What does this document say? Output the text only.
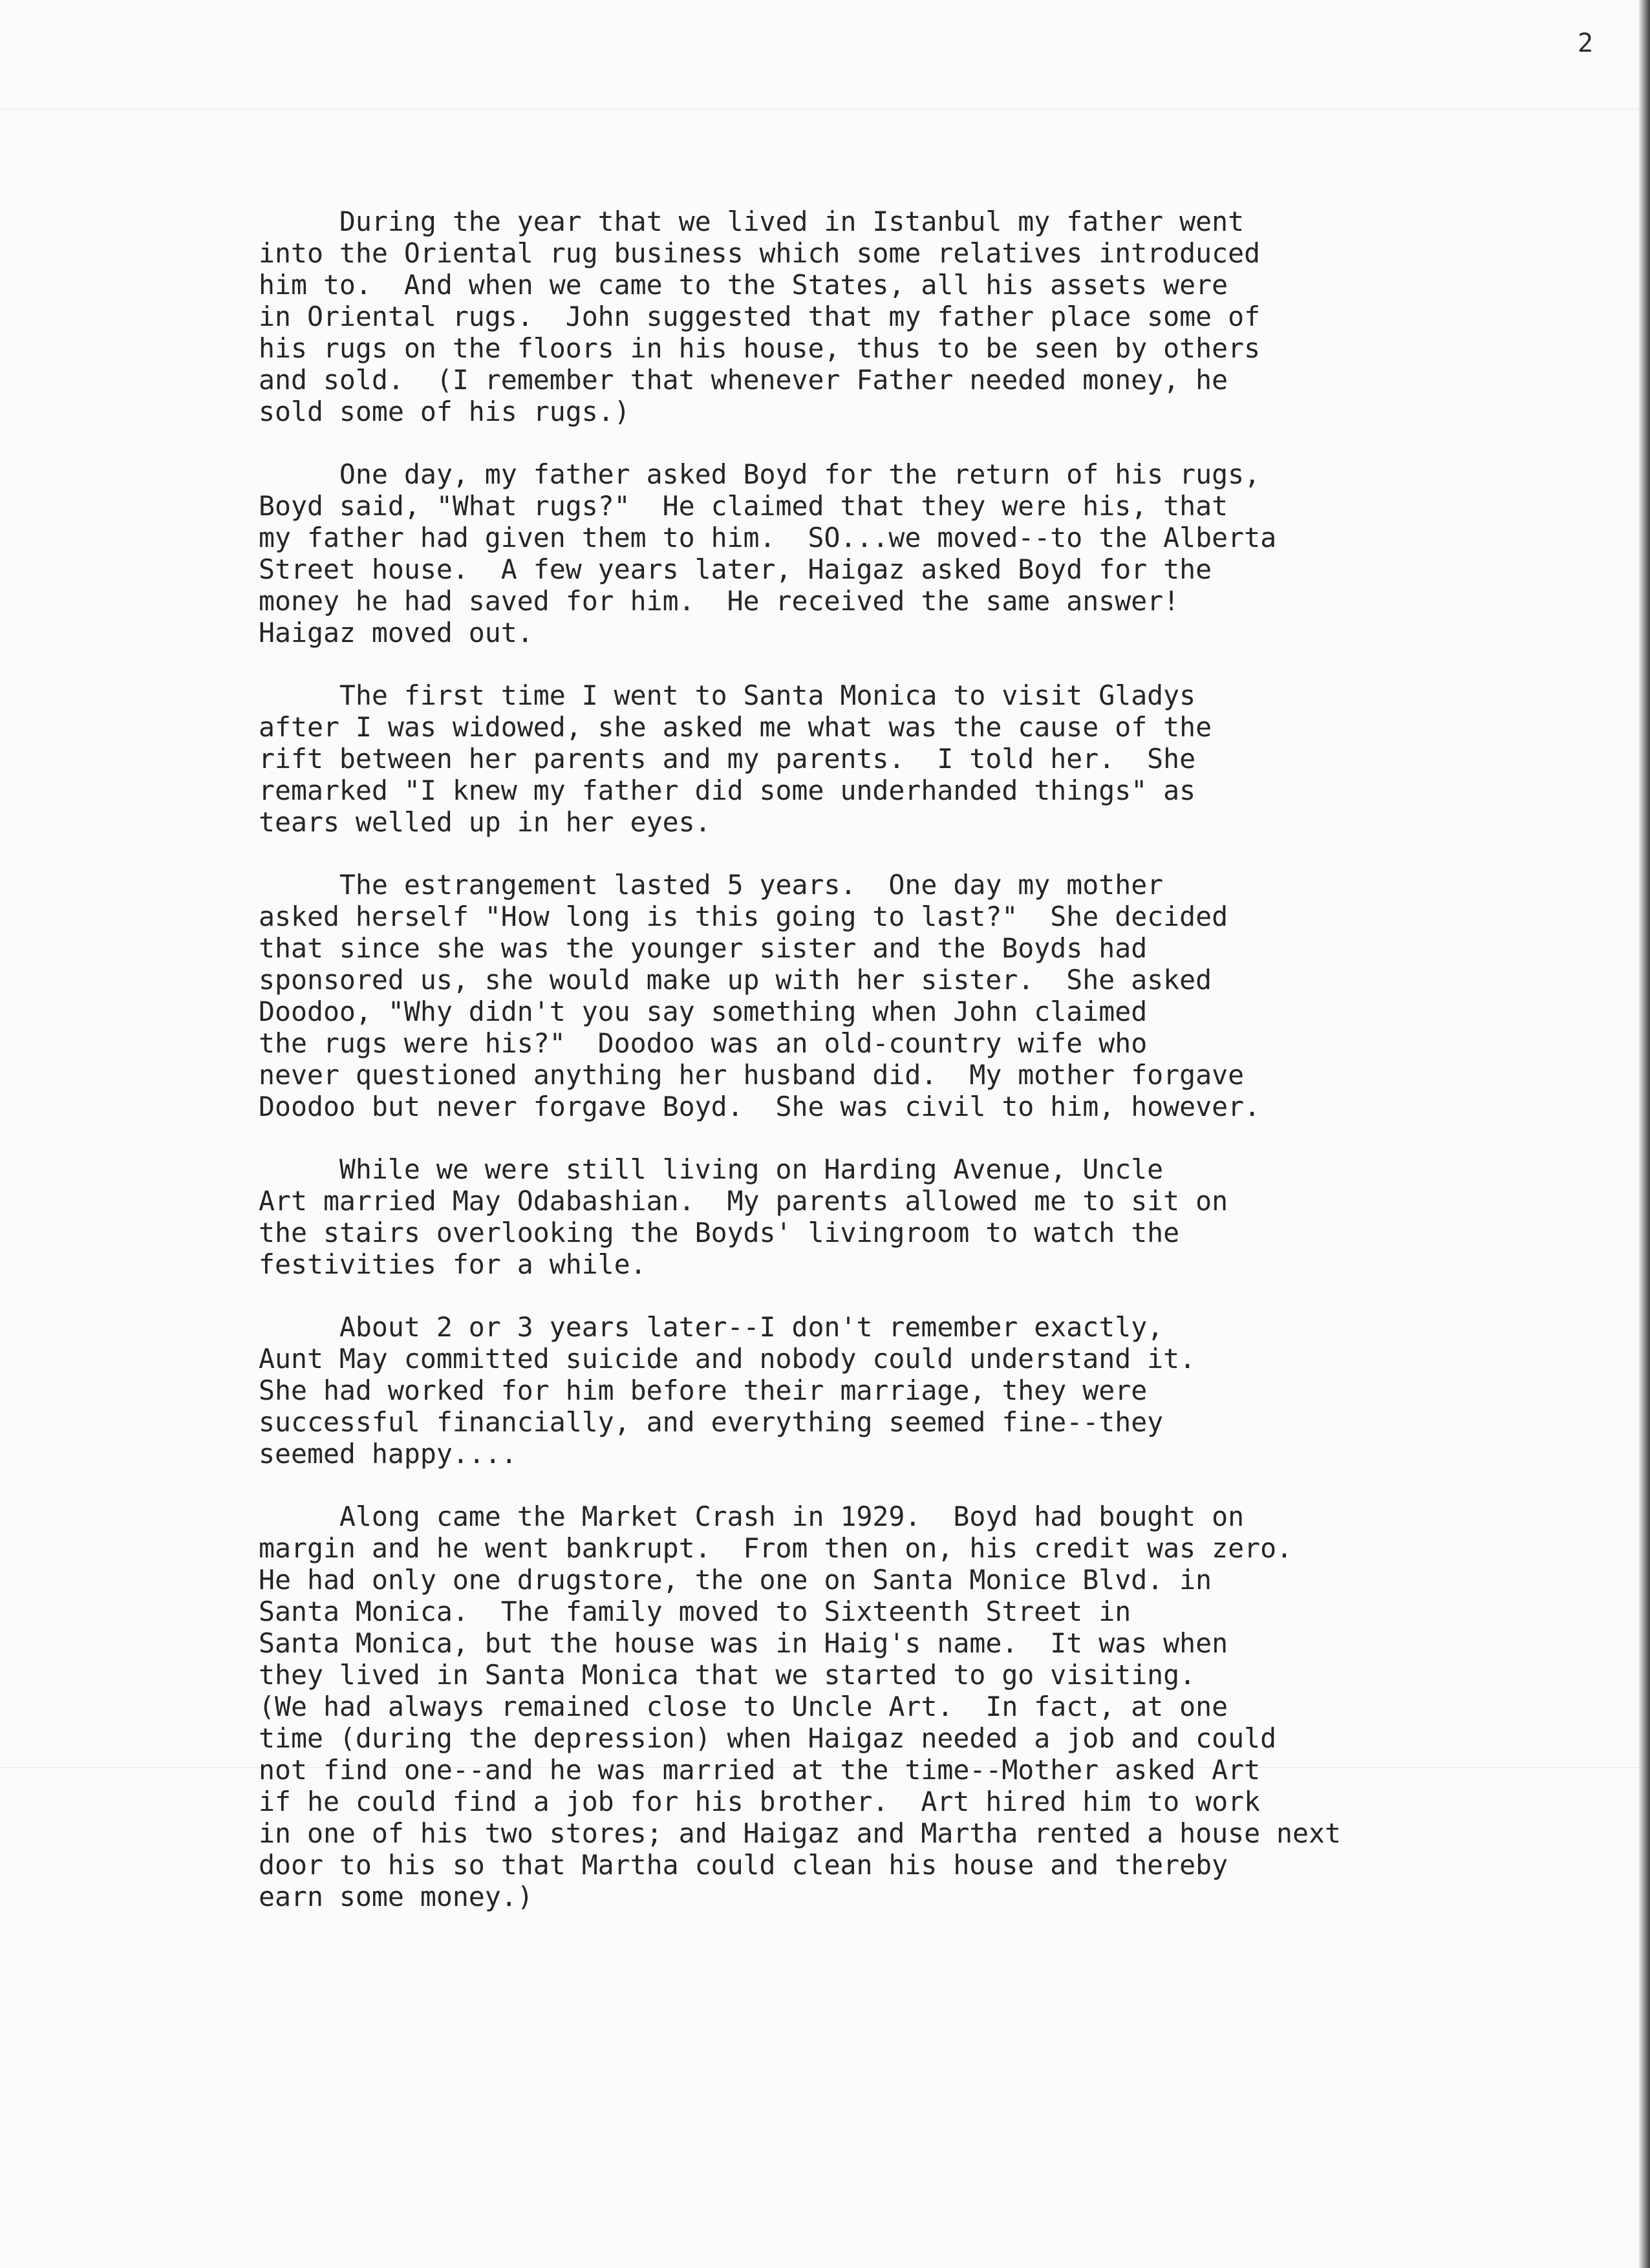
2
During the year that we lived in Istanbul my father went
into the Oriental rug business which some relatives introduced
him to.  And when we came to the States, all his assets were
in Oriental rugs.  John suggested that my father place some of
his rugs on the floors in his house, thus to be seen by others
and sold.  (I remember that whenever Father needed money, he
sold some of his rugs.)
One day, my father asked Boyd for the return of his rugs,
Boyd said, "What rugs?"  He claimed that they were his, that
my father had given them to him.  SO...we moved--to the Alberta
Street house.  A few years later, Haigaz asked Boyd for the
money he had saved for him.  He received the same answer!
Haigaz moved out.
The first time I went to Santa Monica to visit Gladys
after I was widowed, she asked me what was the cause of the
rift between her parents and my parents.  I told her.  She
remarked "I knew my father did some underhanded things" as
tears welled up in her eyes.
The estrangement lasted 5 years.  One day my mother
asked herself "How long is this going to last?"  She decided
that since she was the younger sister and the Boyds had
sponsored us, she would make up with her sister.  She asked
Doodoo, "Why didn't you say something when John claimed
the rugs were his?"  Doodoo was an old-country wife who
never questioned anything her husband did.  My mother forgave
Doodoo but never forgave Boyd.  She was civil to him, however.
While we were still living on Harding Avenue, Uncle
Art married May Odabashian.  My parents allowed me to sit on
the stairs overlooking the Boyds' livingroom to watch the
festivities for a while.
About 2 or 3 years later--I don't remember exactly,
Aunt May committed suicide and nobody could understand it.
She had worked for him before their marriage, they were
successful financially, and everything seemed fine--they
seemed happy....
Along came the Market Crash in 1929.  Boyd had bought on
margin and he went bankrupt.  From then on, his credit was zero.
He had only one drugstore, the one on Santa Monice Blvd. in
Santa Monica.  The family moved to Sixteenth Street in
Santa Monica, but the house was in Haig's name.  It was when
they lived in Santa Monica that we started to go visiting.
(We had always remained close to Uncle Art.  In fact, at one
time (during the depression) when Haigaz needed a job and could
not find one--and he was married at the time--Mother asked Art
if he could find a job for his brother.  Art hired him to work
in one of his two stores; and Haigaz and Martha rented a house next
door to his so that Martha could clean his house and thereby
earn some money.)
